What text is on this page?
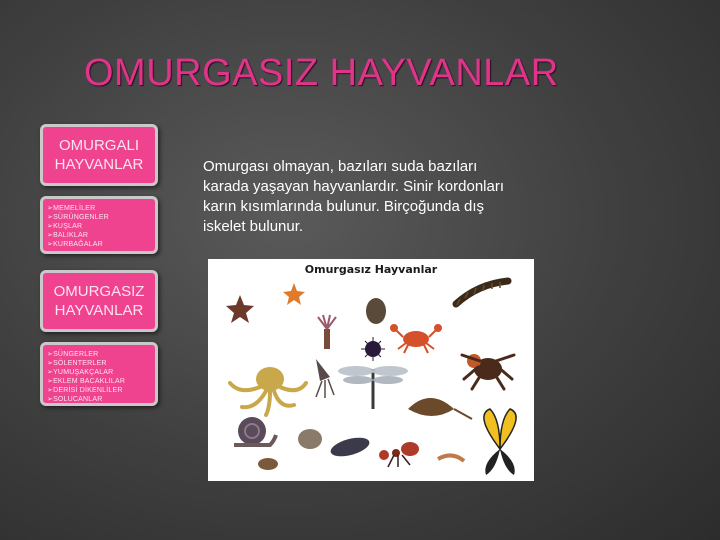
OMURGASIZ HAYVANLAR
OMURGALI HAYVANLAR
➢MEMELİLER
➢SÜRÜNGENLER
➢KUŞLAR
➢BALIKLAR
➢KURBAĞALAR
OMURGASIZ HAYVANLAR
➢SÜNGERLER
➢SÖLENTERLER
➢YUMUŞAKÇALAR
➢EKLEM BACAKLILAR
➢DERİSİ DİKENLİLER
➢SOLUCANLAR
Omurgası olmayan, bazıları suda bazıları
karada yaşayan hayvanlardır. Sinir kordonları
karın kısımlarında bulunur. Birçoğunda dış
iskelet bulunur.
Omurgasız Hayvanlar
